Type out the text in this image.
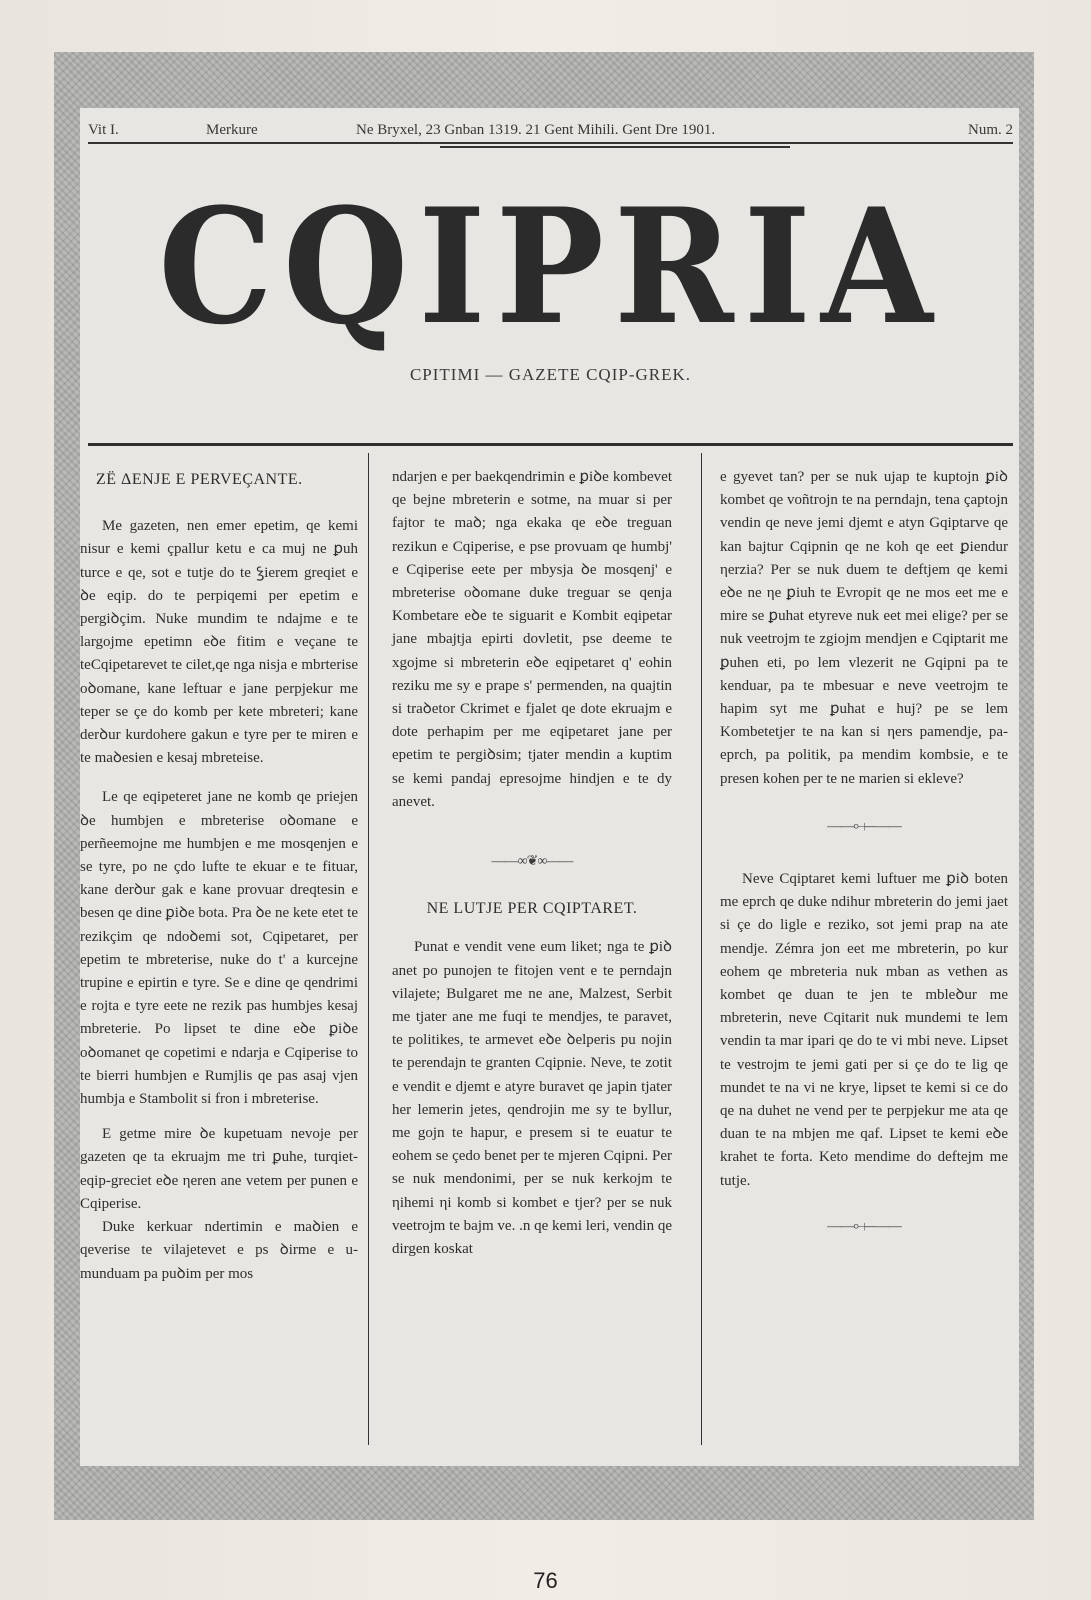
Vit I.	Merkure	Ne Bryxel, 23 Gnban 1319. 21 Gent Mihili. Gent Dre 1901.	Num. 2
CQIPRIA
CPITIMI — GAZETE CQIP-GREK.

ZË ΔΕΝJE E PERVEÇANTE.

Me gazeten, nen emer epetim, qe kemi nisur e kemi çpallur ketu e ca muj ne ꝑuh turce e qe, sot e tutje do te ꝣierem greqiet e ꝺe eqip. do te perpiqemi per epetim e pergiꝺçim. Nuke mundim te ndajme e te largojme epetimn eꝺe fitim e veçane te teCqipetarevet te cilet,qe nga nisja e mbrterise oꝺomane, kane leftuar e jane perpjekur me teper se çe do komb per kete mbreteri; kane derꝺur kurdohere gakun e tyre per te miren e te maꝺesien e kesaj mbreteise.

Le qe eqipeteret jane ne komb qe priejen ꝺe humbjen e mbreterise oꝺomane e perñeemojne me humbjen e me mosqenjen e se tyre, po ne çdo lufte te ekuar e te fituar, kane derꝺur gak e kane provuar dreqtesin e besen qe dine ꝑiꝺe bota. Pra ꝺe ne kete etet te rezikçim qe ndoꝺemi sot, Cqipetaret, per epetim te mbreterise, nuke do t' a kurcejne trupine e epirtin e tyre. Se e dine qe qendrimi e rojta e tyre eete ne rezik pas humbjes kesaj mbreterie. Po lipset te dine eꝺe ꝑiꝺe oꝺomanet qe copetimi e ndarja e Cqiperise to te bierri humbjen e Rumjlis qe pas asaj vjen humbja e Stambolit si fron i mbreterise.

E getme mire ꝺe kupetuam nevoje per gazeten qe ta ekruajm me tri ꝑuhe, turqiet-eqip-greciet eꝺe ηeren ane vetem per punen e Cqiperise.

Duke kerkuar ndertimin e maꝺien e qeverise te vilajetevet e ps ꝺirme e u-munduam pa puꝺim per mos

ndarjen e per baekqendrimin e ꝑiꝺe kombevet qe bejne mbreterin e sotme, na muar si per fajtor te maꝺ; nga ekaka qe eꝺe treguan rezikun e Cqiperise, e pse provuam qe humbj' e Cqiperise eete per mbysja ꝺe mosqenj' e mbreterise oꝺomane duke treguar se qenja Kombetare eꝺe te siguarit e Kombit eqipetar jane mbajtja epirti dovletit, pse deeme te xgojme si mbreterin eꝺe eqipetaret q' eohin reziku me sy e prape s' permenden, na quajtin si traꝺetor Ckrimet e fjalet qe dote ekruajm e dote perhapim per me eqipetaret jane per epetim te pergiꝺsim; tjater mendin a kuptim se kemi pandaj epresojme hindjen e te dy anevet.

——∞❦∞——

NE LUTJE PER CQIPTARET.

Punat e vendit vene eum liket; nga te ꝑiꝺ anet po punojen te fitojen vent e te perndajn vilajete; Bulgaret me ne ane, Malzest, Serbit me tjater ane me fuqi te mendjes, te paravet, te politikes, te armevet eꝺe ꝺelperis pu nojin te perendajn te granten Cqipnie. Neve, te zotit e vendit e djemt e atyre buravet qe japin tjater her lemerin jetes, qendrojin me sy te byllur, me gojn te hapur, e presem si te euatur te eohem se çedo benet per te mjeren Cqipni. Per se nuk mendonimi, per se nuk kerkojm te ηihemi ηi komb si kombet e tjer? per se nuk veetrojm te bajm ve. .n qe kemi leri, vendin qe dirgen koskat

e gyevet tan? per se nuk ujap te kuptojn ꝑiꝺ kombet qe voñtrojn te na perndajn, tena çaptojn vendin qe neve jemi djemt e atyn Gqiptarve qe kan bajtur Cqipnin qe ne koh qe eet ꝑiendur ηerzia? Per se nuk duem te deftjem qe kemi eꝺe ne ηe ꝑiuh te Evropit qe ne mos eet me e mire se ꝑuhat etyreve nuk eet mei elige? per se nuk veetrojm te zgiojm mendjen e Cqiptarit me ꝑuhen eti, po lem vlezerit ne Gqipni pa te kenduar, pa te mbesuar e neve veetrojm te hapim syt me ꝑuhat e huj? pe se lem Kombetetjer te na kan si ηers pamendje, pa-eprch, pa politik, pa mendim kombsie, e te presen kohen per te ne marien si ekleve?

——⟜⟝——

Neve Cqiptaret kemi luftuer me ꝑiꝺ boten me eprch qe duke ndihur mbreterin do jemi jaet si çe do ligle e reziko, sot jemi prap na ate mendje. Zémra jon eet me mbreterin, po kur eohem qe mbreteria nuk mban as vethen as kombet qe duan te jen te mbleꝺur me mbreterin, neve Cqitarit nuk mundemi te lem vendin ta mar ipari qe do te vi mbi neve. Lipset te vestrojm te jemi gati per si çe do te lig qe mundet te na vi ne krye, lipset te kemi si ce do qe na duhet ne vend per te perpjekur me ata qe duan te na mbjen me qaf. Lipset te kemi eꝺe krahet te forta. Keto mendime do deftejm me tutje.

——⟜⟝——
76
